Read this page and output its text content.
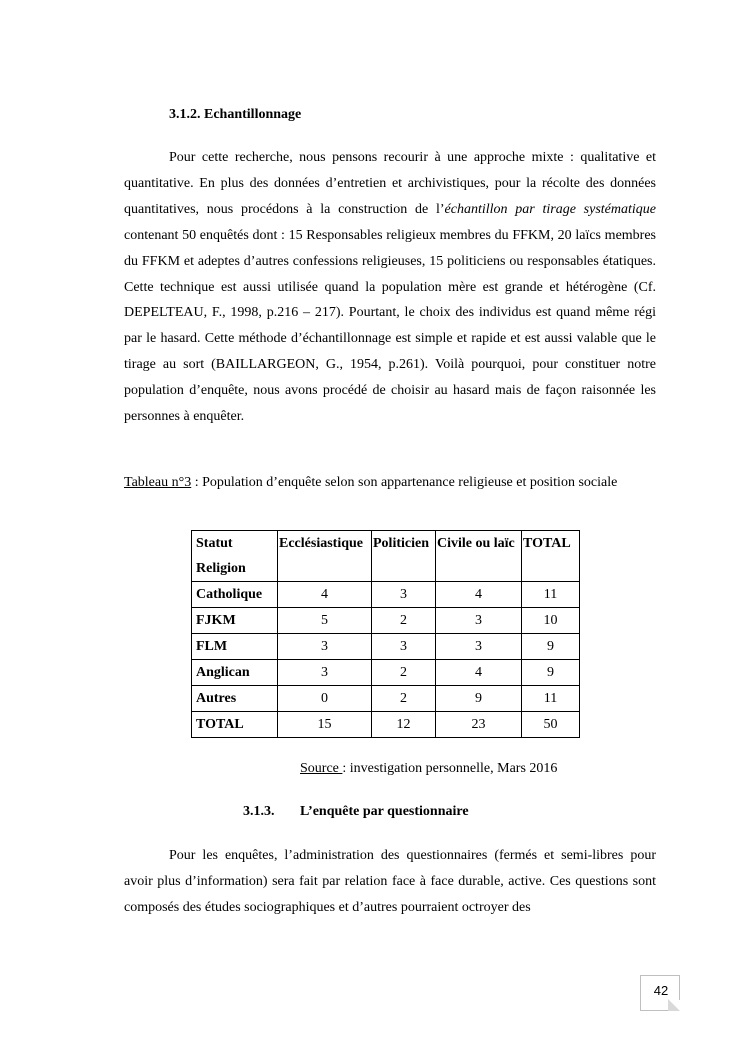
3.1.2. Echantillonnage

Pour cette recherche, nous pensons recourir à une approche mixte : qualitative et quantitative. En plus des données d’entretien et archivistiques, pour la récolte des données quantitatives, nous procédons à la construction de l’échantillon par tirage systématique contenant 50 enquêtés dont : 15 Responsables religieux membres du FFKM, 20 laïcs membres du FFKM et adeptes d’autres confessions religieuses, 15 politiciens ou responsables étatiques. Cette technique est aussi utilisée quand la population mère est grande et hétérogène (Cf. DEPELTEAU, F., 1998, p.216 – 217). Pourtant, le choix des individus est quand même régi par le hasard. Cette méthode d’échantillonnage est simple et rapide et est aussi valable que le tirage au sort (BAILLARGEON, G., 1954, p.261). Voilà pourquoi, pour constituer notre population d’enquête, nous avons procédé de choisir au hasard mais de façon raisonnée les personnes à enquêter.

Tableau n°3 : Population d’enquête selon son appartenance religieuse et position sociale
Statut
Religion	Ecclésiastique	Politicien	Civile ou laïc	TOTAL
Catholique	4	3	4	11
FJKM	5	2	3	10
FLM	3	3	3	9
Anglican	3	2	4	9
Autres	0	2	9	11
TOTAL	15	12	23	50
Source : investigation personnelle, Mars 2016
3.1.3. L’enquête par questionnaire

Pour les enquêtes, l’administration des questionnaires (fermés et semi-libres pour avoir plus d’information) sera fait par relation face à face durable, active. Ces questions sont composés des études sociographiques et d’autres pourraient octroyer des

42
